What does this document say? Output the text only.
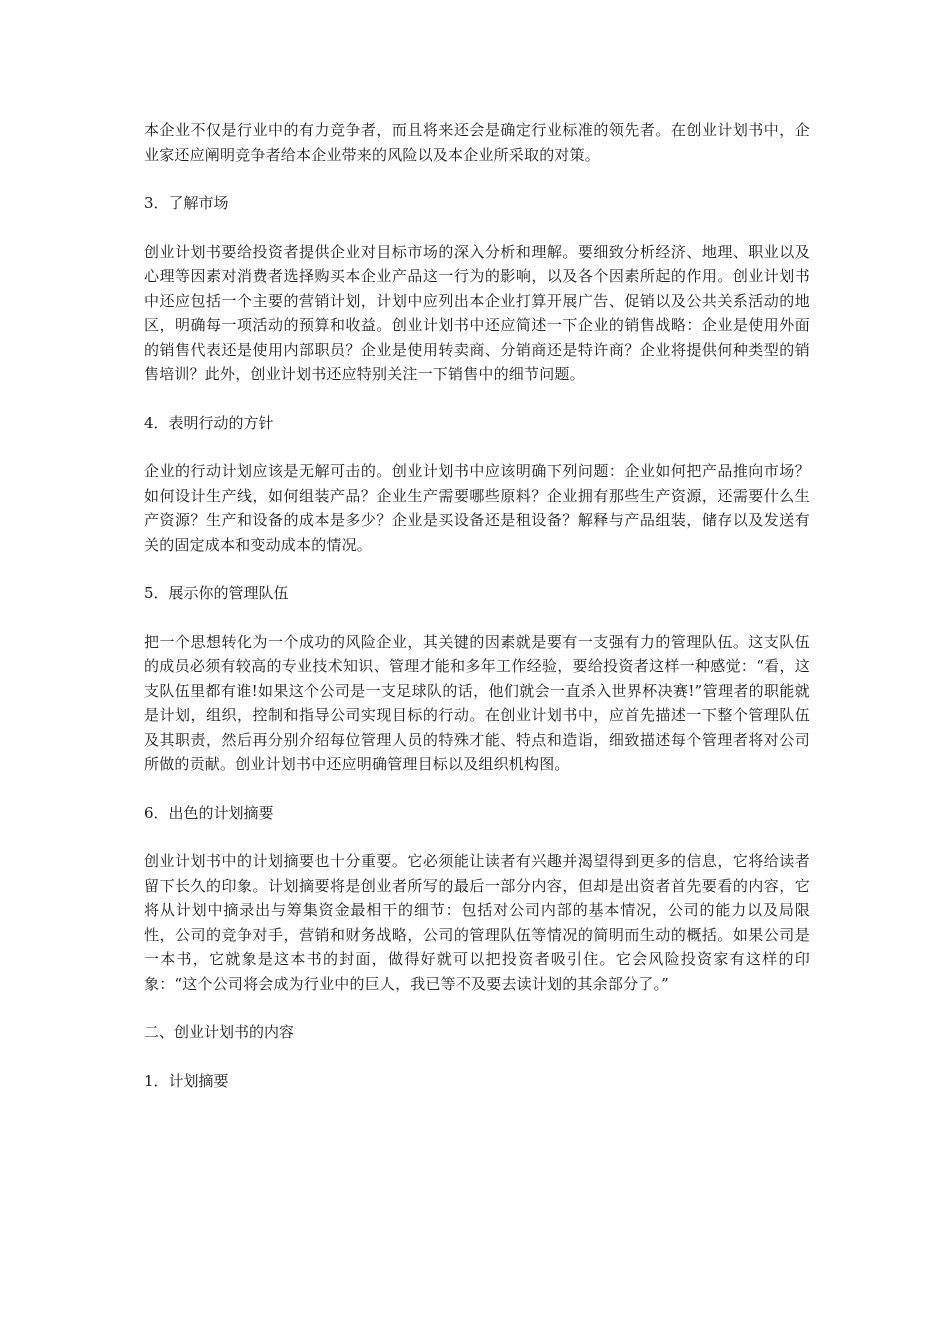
本企业不仅是行业中的有力竞争者，而且将来还会是确定行业标准的领先者。在创业计划书中，企业家还应阐明竞争者给本企业带来的风险以及本企业所采取的对策。

3．了解市场

创业计划书要给投资者提供企业对目标市场的深入分析和理解。要细致分析经济、地理、职业以及心理等因素对消费者选择购买本企业产品这一行为的影响，以及各个因素所起的作用。创业计划书中还应包括一个主要的营销计划，计划中应列出本企业打算开展广告、促销以及公共关系活动的地区，明确每一项活动的预算和收益。创业计划书中还应简述一下企业的销售战略：企业是使用外面的销售代表还是使用内部职员？企业是使用转卖商、分销商还是特许商？企业将提供何种类型的销售培训？此外，创业计划书还应特别关注一下销售中的细节问题。

4．表明行动的方针

企业的行动计划应该是无解可击的。创业计划书中应该明确下列问题：企业如何把产品推向市场？如何设计生产线，如何组装产品？企业生产需要哪些原料？企业拥有那些生产资源，还需要什么生产资源？生产和设备的成本是多少？企业是买设备还是租设备？解释与产品组装，储存以及发送有关的固定成本和变动成本的情况。

5．展示你的管理队伍

把一个思想转化为一个成功的风险企业，其关键的因素就是要有一支强有力的管理队伍。这支队伍的成员必须有较高的专业技术知识、管理才能和多年工作经验，要给投资者这样一种感觉：“看，这支队伍里都有谁!如果这个公司是一支足球队的话，他们就会一直杀入世界杯决赛!”管理者的职能就是计划，组织，控制和指导公司实现目标的行动。在创业计划书中，应首先描述一下整个管理队伍及其职责，然后再分别介绍每位管理人员的特殊才能、特点和造诣，细致描述每个管理者将对公司所做的贡献。创业计划书中还应明确管理目标以及组织机构图。

6．出色的计划摘要

创业计划书中的计划摘要也十分重要。它必须能让读者有兴趣并渴望得到更多的信息，它将给读者留下长久的印象。计划摘要将是创业者所写的最后一部分内容，但却是出资者首先要看的内容，它将从计划中摘录出与筹集资金最相干的细节：包括对公司内部的基本情况，公司的能力以及局限性，公司的竞争对手，营销和财务战略，公司的管理队伍等情况的简明而生动的概括。如果公司是一本书，它就象是这本书的封面，做得好就可以把投资者吸引住。它会风险投资家有这样的印象：“这个公司将会成为行业中的巨人，我已等不及要去读计划的其余部分了。”

二、创业计划书的内容

1．计划摘要
